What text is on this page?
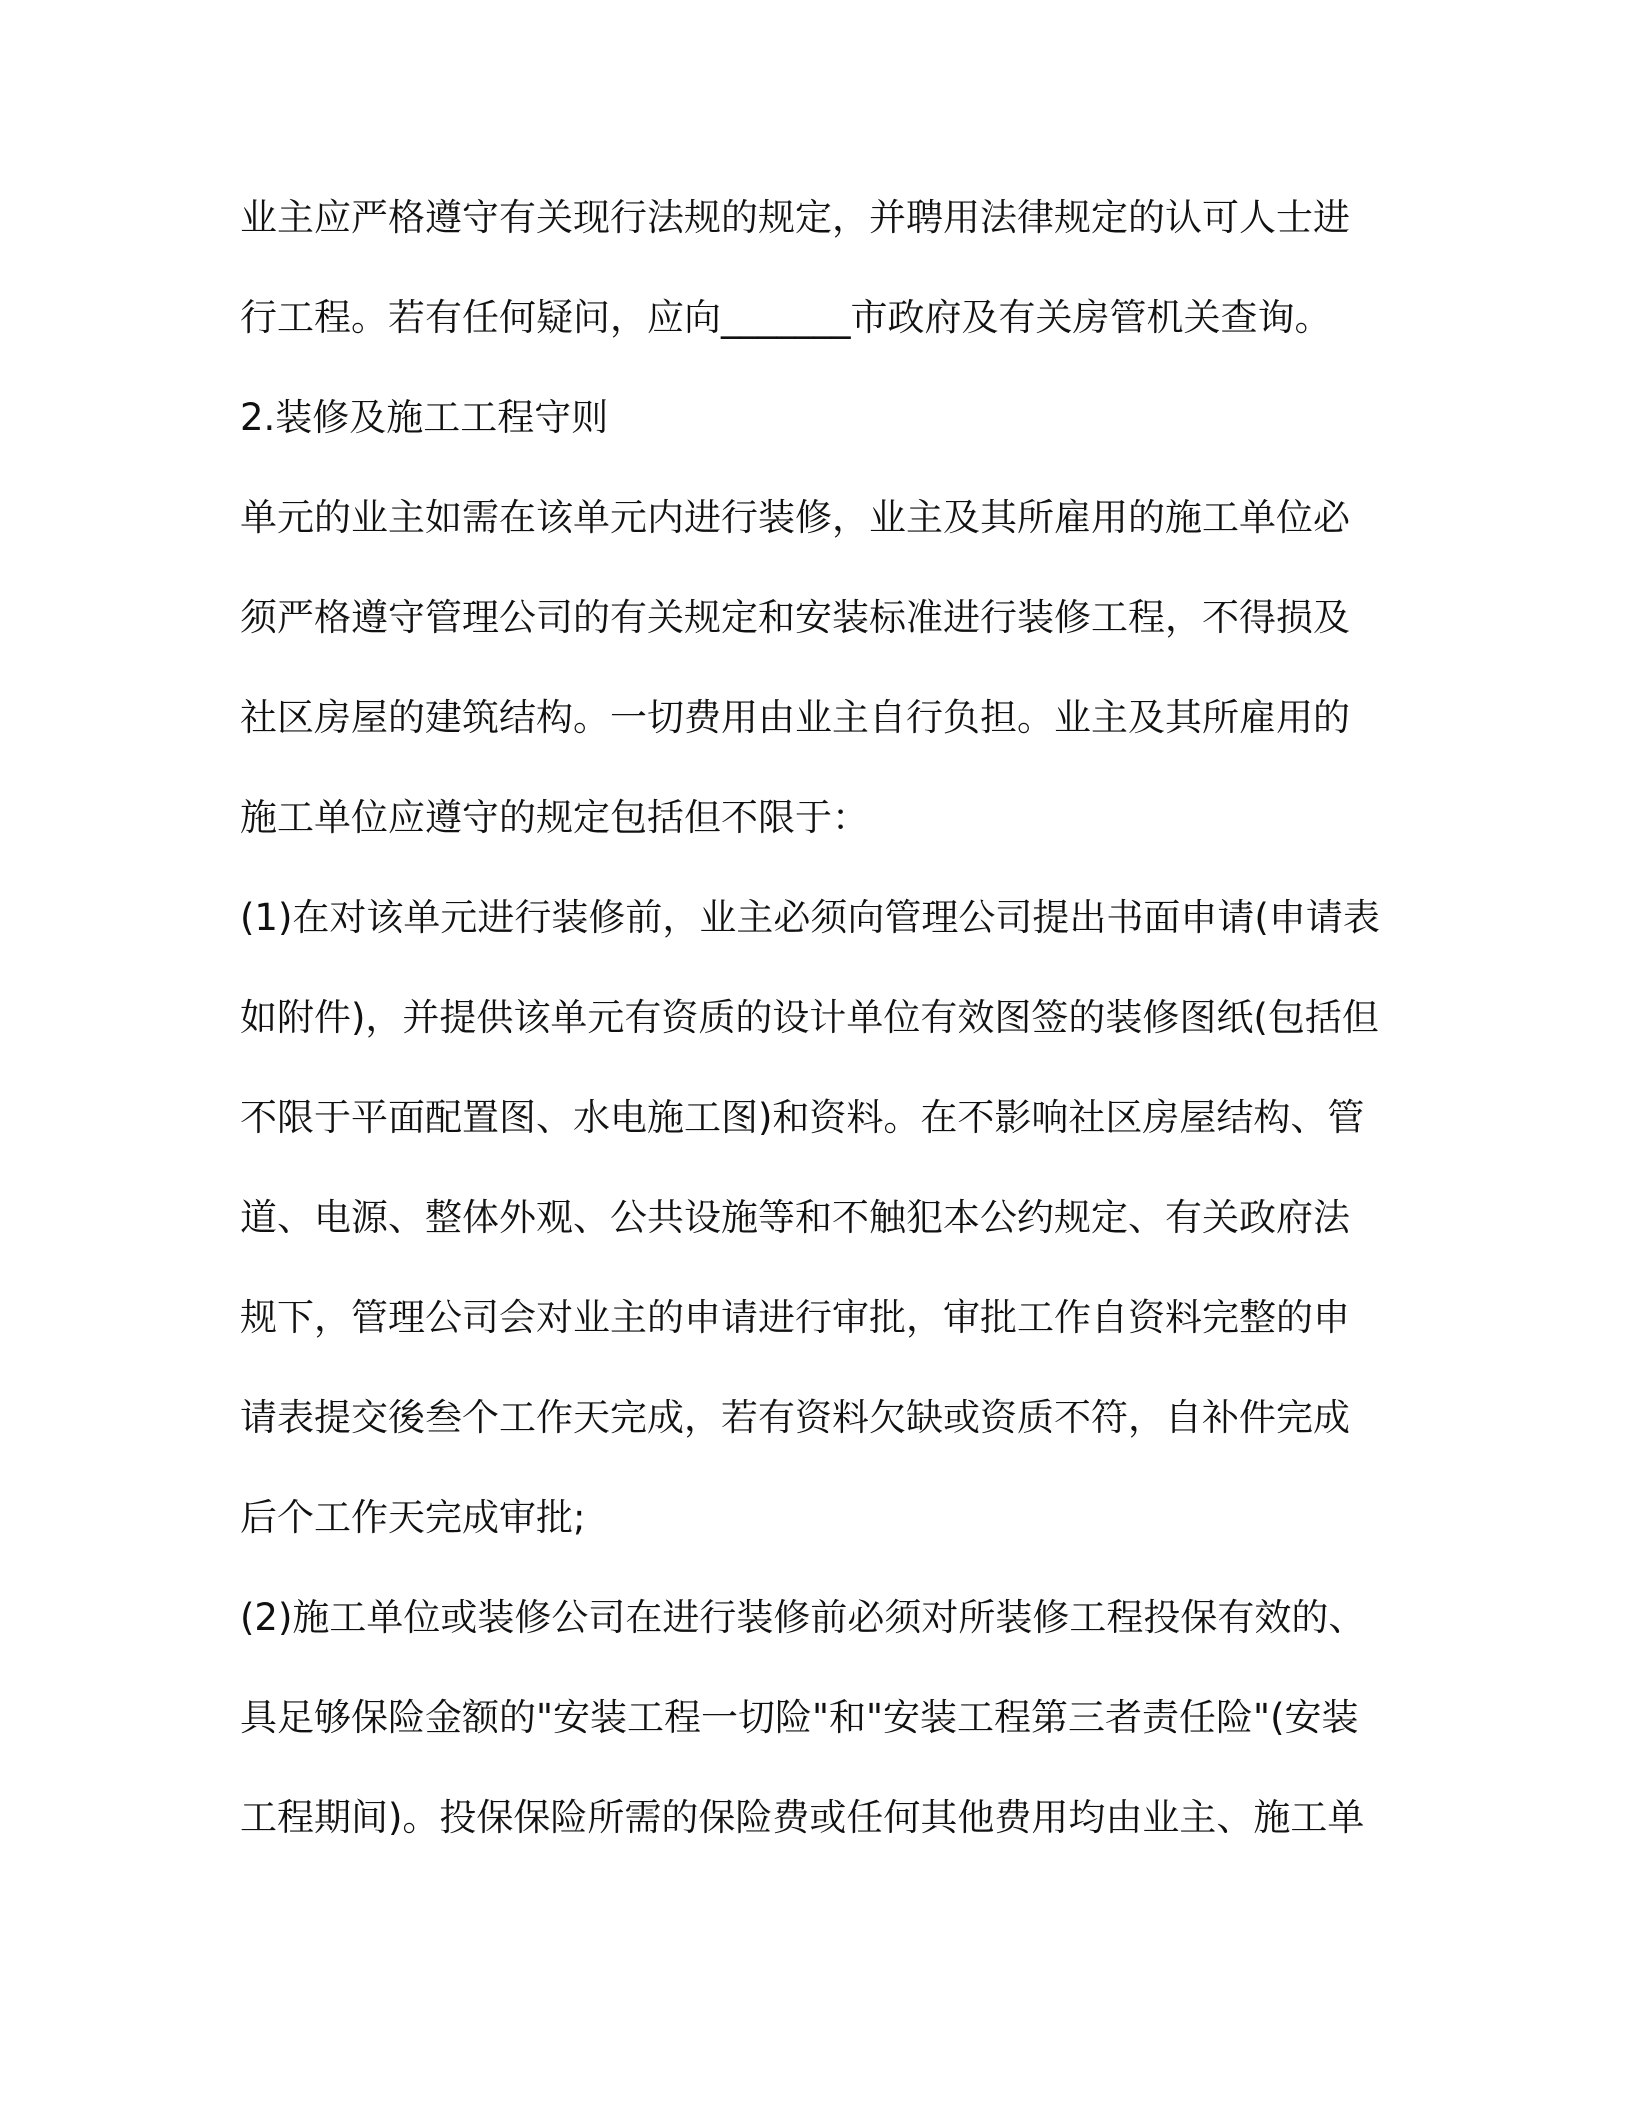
业主应严格遵守有关现行法规的规定，并聘用法律规定的认可人士进
行工程。若有任何疑问，应向_______市政府及有关房管机关查询。
2.装修及施工工程守则
单元的业主如需在该单元内进行装修，业主及其所雇用的施工单位必
须严格遵守管理公司的有关规定和安装标准进行装修工程，不得损及
社区房屋的建筑结构。一切费用由业主自行负担。业主及其所雇用的
施工单位应遵守的规定包括但不限于：
(1)在对该单元进行装修前，业主必须向管理公司提出书面申请(申请表
如附件)，并提供该单元有资质的设计单位有效图签的装修图纸(包括但
不限于平面配置图、水电施工图)和资料。在不影响社区房屋结构、管
道、电源、整体外观、公共设施等和不触犯本公约规定、有关政府法
规下，管理公司会对业主的申请进行审批，审批工作自资料完整的申
请表提交後叁个工作天完成，若有资料欠缺或资质不符，自补件完成
后个工作天完成审批;
(2)施工单位或装修公司在进行装修前必须对所装修工程投保有效的、
具足够保险金额的"安装工程一切险"和"安装工程第三者责任险"(安装
工程期间)。投保保险所需的保险费或任何其他费用均由业主、施工单
